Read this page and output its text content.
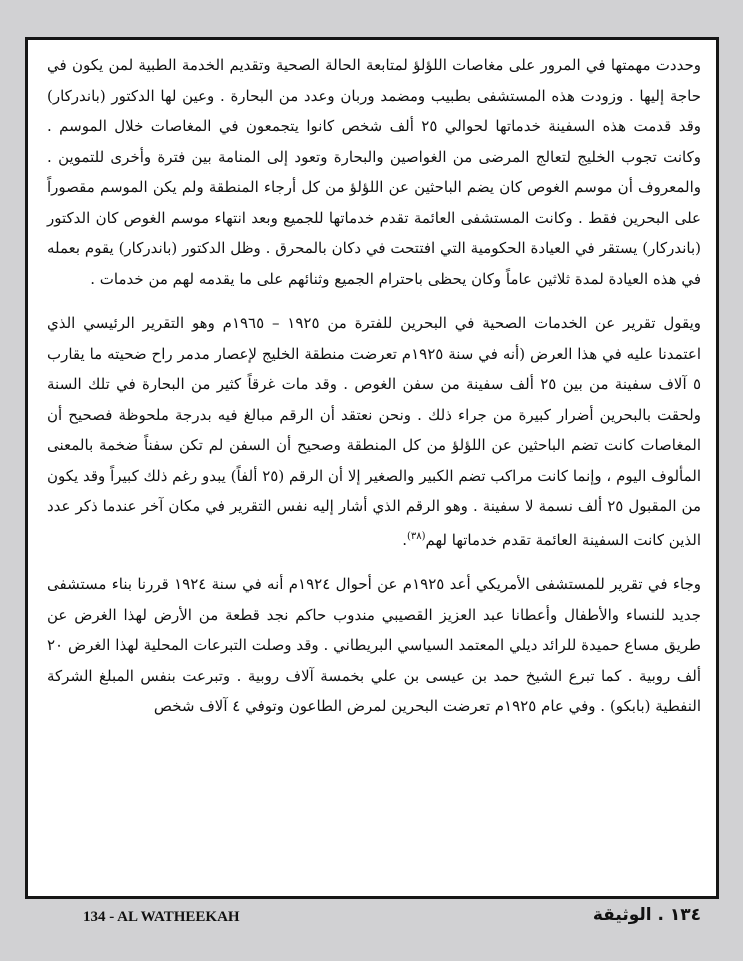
وحددت مهمتها في المرور على مغاصات اللؤلؤ لمتابعة الحالة الصحية وتقديم الخدمة الطبية لمن يكون في حاجة إليها . وزودت هذه المستشفى بطبيب ومضمد وربان وعدد من البحارة . وعين لها الدكتور (باندركار) وقد قدمت هذه السفينة خدماتها لحوالي ٢٥ ألف شخص كانوا يتجمعون في المغاصات خلال الموسم . وكانت تجوب الخليج لتعالج المرضى من الغواصين والبحارة وتعود إلى المنامة بين فترة وأخرى للتموين . والمعروف أن موسم الغوص كان يضم الباحثين عن اللؤلؤ من كل أرجاء المنطقة ولم يكن الموسم مقصوراً على البحرين فقط . وكانت المستشفى العائمة تقدم خدماتها للجميع وبعد انتهاء موسم الغوص كان الدكتور (باندركار) يستقر في العيادة الحكومية التي افتتحت في دكان بالمحرق . وظل الدكتور (باندركار) يقوم بعمله في هذه العيادة لمدة ثلاثين عاماً وكان يحظى باحترام الجميع وثنائهم على ما يقدمه لهم من خدمات .

ويقول تقرير عن الخدمات الصحية في البحرين للفترة من ١٩٢٥ – ١٩٦٥م وهو التقرير الرئيسي الذي اعتمدنا عليه في هذا العرض (أنه في سنة ١٩٢٥م تعرضت منطقة الخليج لإعصار مدمر راح ضحيته ما يقارب ٥ آلاف سفينة من بين ٢٥ ألف سفينة من سفن الغوص . وقد مات غرقاً كثير من البحارة في تلك السنة ولحقت بالبحرين أضرار كبيرة من جراء ذلك . ونحن نعتقد أن الرقم مبالغ فيه بدرجة ملحوظة فصحيح أن المغاصات كانت تضم الباحثين عن اللؤلؤ من كل المنطقة وصحيح أن السفن لم تكن سفناً ضخمة بالمعنى المألوف اليوم ، وإنما كانت مراكب تضم الكبير والصغير إلا أن الرقم (٢٥ ألفاً) يبدو رغم ذلك كبيراً وقد يكون من المقبول ٢٥ ألف نسمة لا سفينة . وهو الرقم الذي أشار إليه نفس التقرير في مكان آخر عندما ذكر عدد الذين كانت السفينة العائمة تقدم خدماتها لهم$^{(٣٨)}$.

وجاء في تقرير للمستشفى الأمريكي أعد ١٩٢٥م عن أحوال ١٩٢٤م أنه في سنة ١٩٢٤ قررنا بناء مستشفى جديد للنساء والأطفال وأعطانا عبد العزيز القصيبي مندوب حاكم نجد قطعة من الأرض لهذا الغرض عن طريق مساع حميدة للرائد ديلي المعتمد السياسي البريطاني . وقد وصلت التبرعات المحلية لهذا الغرض ٢٠ ألف روبية . كما تبرع الشيخ حمد بن عيسى بن علي بخمسة آلاف روبية . وتبرعت بنفس المبلغ الشركة النفطية (بابكو) . وفي عام ١٩٢٥م تعرضت البحرين لمرض الطاعون وتوفي ٤ آلاف شخص

134 - AL WATHEEKAH	١٣٤ . الوثيقة
